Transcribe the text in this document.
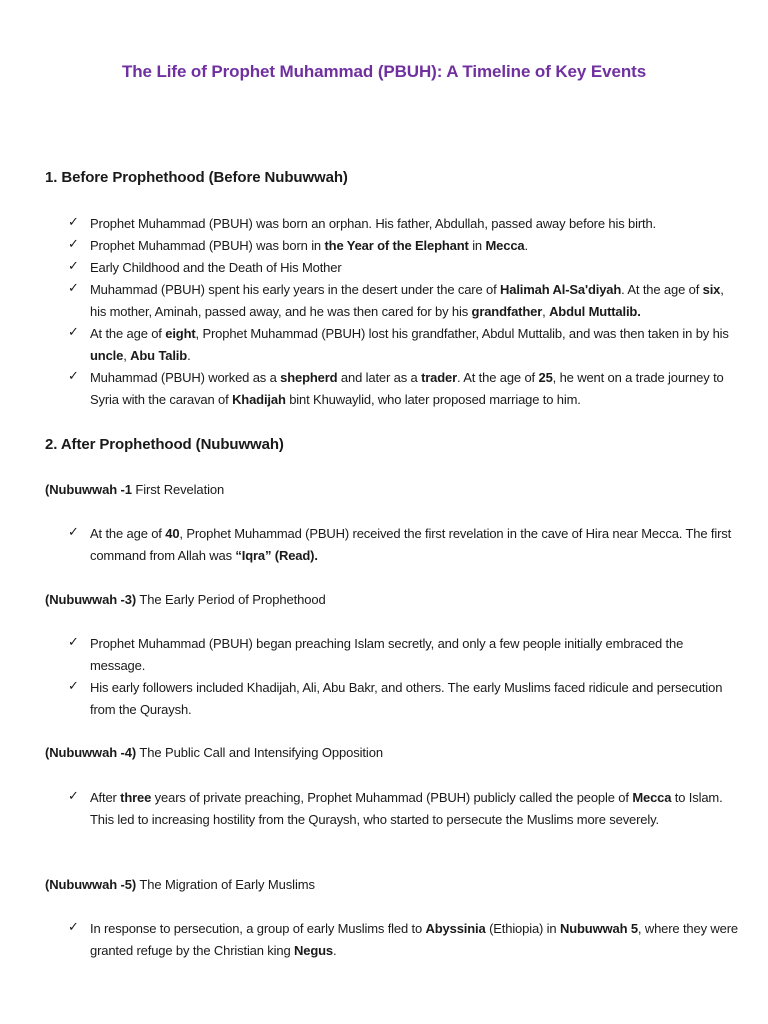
The Life of Prophet Muhammad (PBUH): A Timeline of Key Events
1. Before Prophethood (Before Nubuwwah)
✓ Prophet Muhammad (PBUH) was born an orphan. His father, Abdullah, passed away before his birth.
✓ Prophet Muhammad (PBUH) was born in the Year of the Elephant in Mecca.
✓ Early Childhood and the Death of His Mother
✓ Muhammad (PBUH) spent his early years in the desert under the care of Halimah Al-Sa'diyah. At the age of six, his mother, Aminah, passed away, and he was then cared for by his grandfather, Abdul Muttalib.
✓ At the age of eight, Prophet Muhammad (PBUH) lost his grandfather, Abdul Muttalib, and was then taken in by his uncle, Abu Talib.
✓ Muhammad (PBUH) worked as a shepherd and later as a trader. At the age of 25, he went on a trade journey to Syria with the caravan of Khadijah bint Khuwaylid, who later proposed marriage to him.
2. After Prophethood (Nubuwwah)

(Nubuwwah -1 First Revelation

✓ At the age of 40, Prophet Muhammad (PBUH) received the first revelation in the cave of Hira near Mecca. The first command from Allah was “Iqra” (Read).

(Nubuwwah -3) The Early Period of Prophethood

✓ Prophet Muhammad (PBUH) began preaching Islam secretly, and only a few people initially embraced the message.
✓ His early followers included Khadijah, Ali, Abu Bakr, and others. The early Muslims faced ridicule and persecution from the Quraysh.

(Nubuwwah -4) The Public Call and Intensifying Opposition

✓ After three years of private preaching, Prophet Muhammad (PBUH) publicly called the people of Mecca to Islam. This led to increasing hostility from the Quraysh, who started to persecute the Muslims more severely.

(Nubuwwah -5) The Migration of Early Muslims

✓ In response to persecution, a group of early Muslims fled to Abyssinia (Ethiopia) in Nubuwwah 5, where they were granted refuge by the Christian king Negus.
